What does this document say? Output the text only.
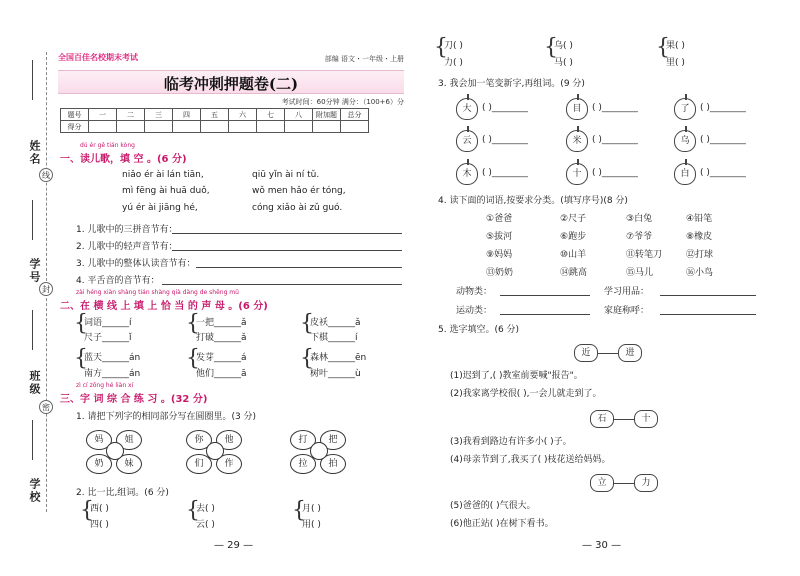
姓名
学号
班级
学校
线
封
密
全国百佳名校期末考试	部编 语文・一年级・上册
临考冲刺押题卷(二)
考试时间：60分钟 满分：（100+6）分
题号	一	二	三	四	五	六	七	八	附加题	总分
得分										
dú ér gē tián kòng
一、读儿歌，填 空 。(6 分)
niǎo ér ài lán tiān,	qiū yǐn ài ní tǔ.
mì fēng ài huā duǒ,	wǒ men hǎo ér tóng,
yú ér ài jiāng hé,	cóng xiǎo ài zǔ guó.
1. 儿歌中的三拼音节有：
2. 儿歌中的轻声音节有：
3. 儿歌中的整体认读音节有：
4. 平舌音的音节有：
zài héng xiàn shàng tián shàng qià dàng de shēng mǔ
二、在 横 线 上 填 上 恰 当 的 声 母 。(6 分)
{
词语______í
尺子______ǐ
{
一把______ǎ
打破______ǎ
{
皮袄______ǎ
下棋______í
{
蓝天______án
南方______án
{
发芽______á
他们______ā
{
森林______ēn
树叶______ù
zì cí zōng hé liàn xí
三、字 词 综 合 练 习 。(32 分)
1. 请把下列字的相同部分写在圆圈里。(3 分)
妈	姐
奶	妹
你	他
们	作
打	把
拉	拍
2. 比一比,组词。(6 分)
{
西( )
四( )
{
去( )
云( )
{
月( )
用( )
— 29 —
{
刀( )
力( )
{
乌( )
马( )
{
果( )
里( )
3. 我会加一笔变新字,再组词。(9 分)
大	( )________	目	( )________	了	( )________
云	( )________	米	( )________	乌	( )________
木	( )________	十	( )________	白	( )________
4. 读下面的词语,按要求分类。(填写序号)(8 分)
①爸爸	②尺子	③白兔	④铅笔
⑤拔河	⑥跑步	⑦爷爷	⑧橡皮
⑨妈妈	⑩山羊	⑪转笔刀	⑫打球
⑬奶奶	⑭跳高	⑮马儿	⑯小鸟
动物类：	学习用品：
运动类：	家庭称呼：
5. 选字填空。(6 分)
近	进
(1)迟到了,( )教室前要喊"报告"。
(2)我家离学校很( ),一会儿就走到了。
石	十
(3)我看到路边有许多小( )子。
(4)母亲节到了,我买了( )枝花送给妈妈。
立	力
(5)爸爸的( )气很大。
(6)他正站( )在树下看书。
— 30 —
